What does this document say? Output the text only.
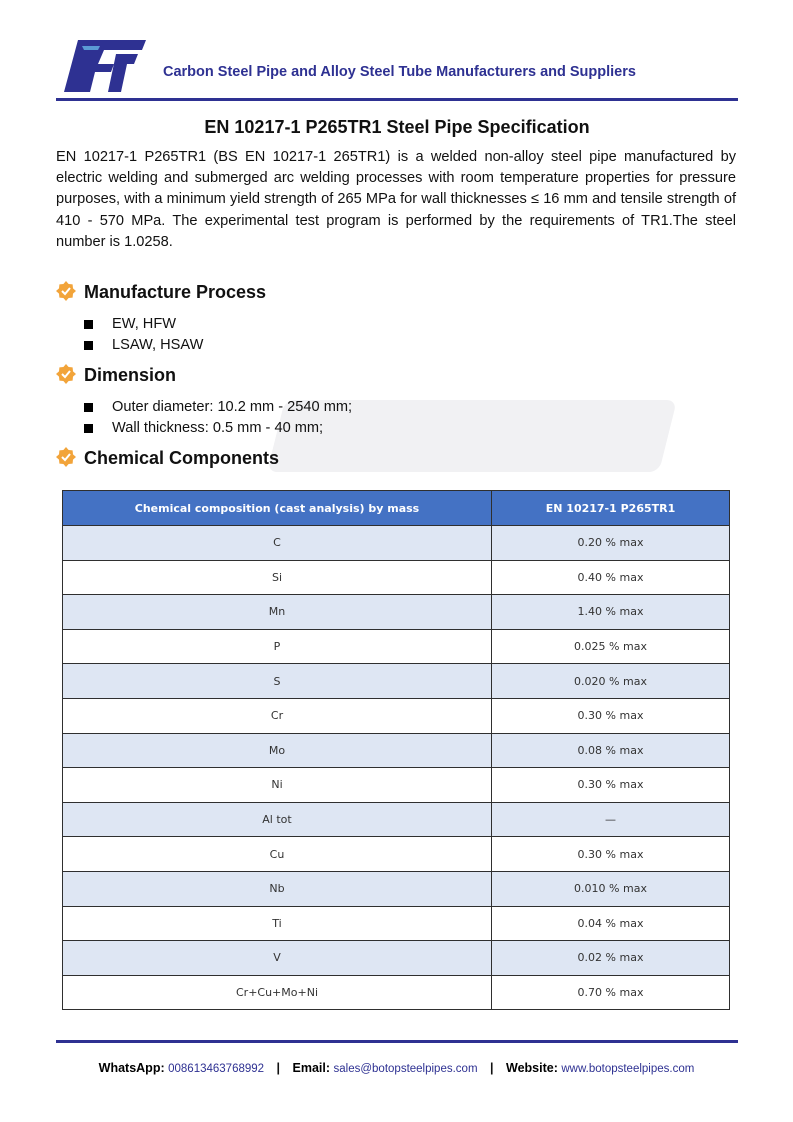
Carbon Steel Pipe and Alloy Steel Tube Manufacturers and Suppliers
EN 10217-1 P265TR1 Steel Pipe Specification

EN 10217-1 P265TR1 (BS EN 10217-1 265TR1) is a welded non-alloy steel pipe manufactured by electric welding and submerged arc welding processes with room temperature properties for pressure purposes, with a minimum yield strength of 265 MPa for wall thicknesses ≤ 16 mm and tensile strength of 410 - 570 MPa. The experimental test program is performed by the requirements of TR1.The steel number is 1.0258.

Manufacture Process
EW, HFW
LSAW, HSAW
Dimension
Outer diameter: 10.2 mm - 2540 mm;
Wall thickness: 0.5 mm - 40 mm;
Chemical Components
Chemical composition (cast analysis) by mass	EN 10217-1 P265TR1
C	0.20 % max
Si	0.40 % max
Mn	1.40 % max
P	0.025 % max
S	0.020 % max
Cr	0.30 % max
Mo	0.08 % max
Ni	0.30 % max
Al tot	—
Cu	0.30 % max
Nb	0.010 % max
Ti	0.04 % max
V	0.02 % max
Cr+Cu+Mo+Ni	0.70 % max
WhatsApp: 008613463768992 | Email: sales@botopsteelpipes.com | Website: www.botopsteelpipes.com
